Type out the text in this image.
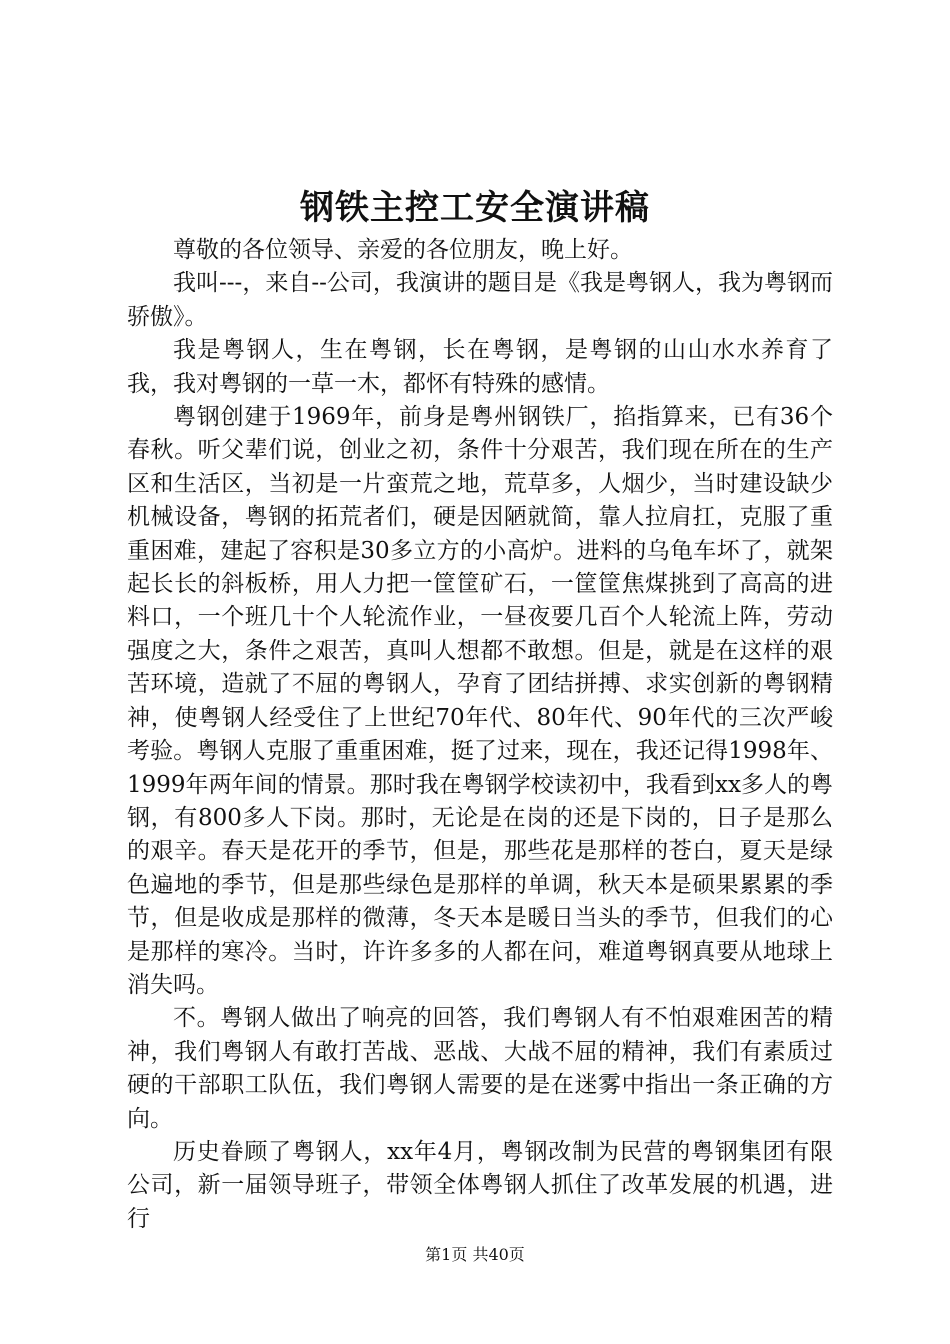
钢铁主控工安全演讲稿

尊敬的各位领导、亲爱的各位朋友，晚上好。

我叫---，来自--公司，我演讲的题目是《我是粤钢人，我为粤钢而骄傲》。

我是粤钢人，生在粤钢，长在粤钢，是粤钢的山山水水养育了我，我对粤钢的一草一木，都怀有特殊的感情。

粤钢创建于1969年，前身是粤州钢铁厂，掐指算来，已有36个春秋。听父辈们说，创业之初，条件十分艰苦，我们现在所在的生产区和生活区，当初是一片蛮荒之地，荒草多，人烟少，当时建设缺少机械设备，粤钢的拓荒者们，硬是因陋就简，靠人拉肩扛，克服了重重困难，建起了容积是30多立方的小高炉。进料的乌龟车坏了，就架起长长的斜板桥，用人力把一筐筐矿石，一筐筐焦煤挑到了高高的进料口，一个班几十个人轮流作业，一昼夜要几百个人轮流上阵，劳动强度之大，条件之艰苦，真叫人想都不敢想。但是，就是在这样的艰苦环境，造就了不屈的粤钢人，孕育了团结拼搏、求实创新的粤钢精神，使粤钢人经受住了上世纪70年代、80年代、90年代的三次严峻考验。粤钢人克服了重重困难，挺了过来，现在，我还记得1998年、1999年两年间的情景。那时我在粤钢学校读初中，我看到xx多人的粤钢，有800多人下岗。那时，无论是在岗的还是下岗的，日子是那么的艰辛。春天是花开的季节，但是，那些花是那样的苍白，夏天是绿色遍地的季节，但是那些绿色是那样的单调，秋天本是硕果累累的季节，但是收成是那样的微薄，冬天本是暖日当头的季节，但我们的心是那样的寒冷。当时，许许多多的人都在问，难道粤钢真要从地球上消失吗。

不。粤钢人做出了响亮的回答，我们粤钢人有不怕艰难困苦的精神，我们粤钢人有敢打苦战、恶战、大战不屈的精神，我们有素质过硬的干部职工队伍，我们粤钢人需要的是在迷雾中指出一条正确的方向。

历史眷顾了粤钢人，xx年4月，粤钢改制为民营的粤钢集团有限公司，新一届领导班子，带领全体粤钢人抓住了改革发展的机遇，进行

第1页 共40页
